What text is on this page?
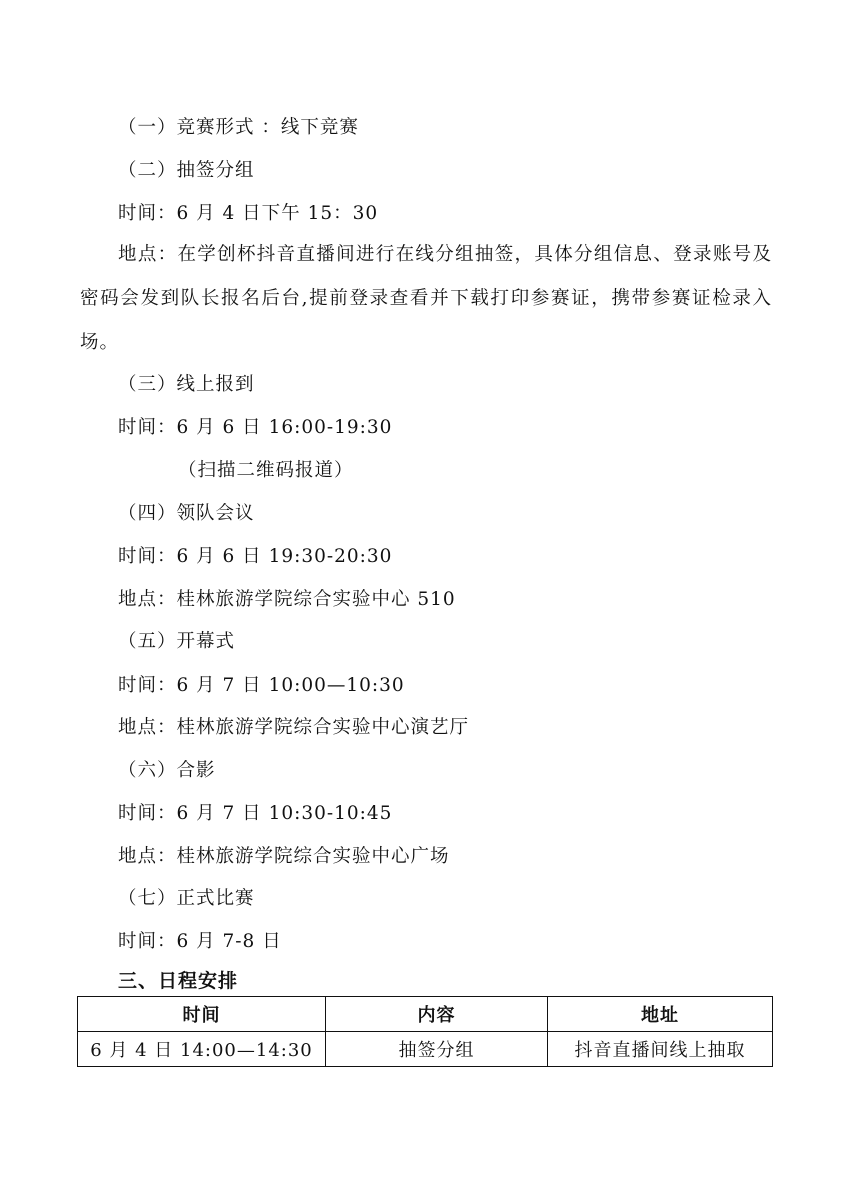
（一）竞赛形式 ：线下竞赛
（二）抽签分组
时间：6 月 4 日下午 15：30
地点：在学创杯抖音直播间进行在线分组抽签，具体分组信息、登录账号及密码会发到队长报名后台,提前登录查看并下载打印参赛证，携带参赛证检录入场。
（三）线上报到
时间：6 月 6 日 16:00-19:30
（扫描二维码报道）
（四）领队会议
时间：6 月 6 日 19:30-20:30
地点：桂林旅游学院综合实验中心 510
（五）开幕式
时间：6 月 7 日 10:00—10:30
地点：桂林旅游学院综合实验中心演艺厅
（六）合影
时间：6 月 7 日 10:30-10:45
地点：桂林旅游学院综合实验中心广场
（七）正式比赛
时间：6 月 7-8 日
三、日程安排
时间	内容	地址
6 月 4 日 14:00—14:30	抽签分组	抖音直播间线上抽取
